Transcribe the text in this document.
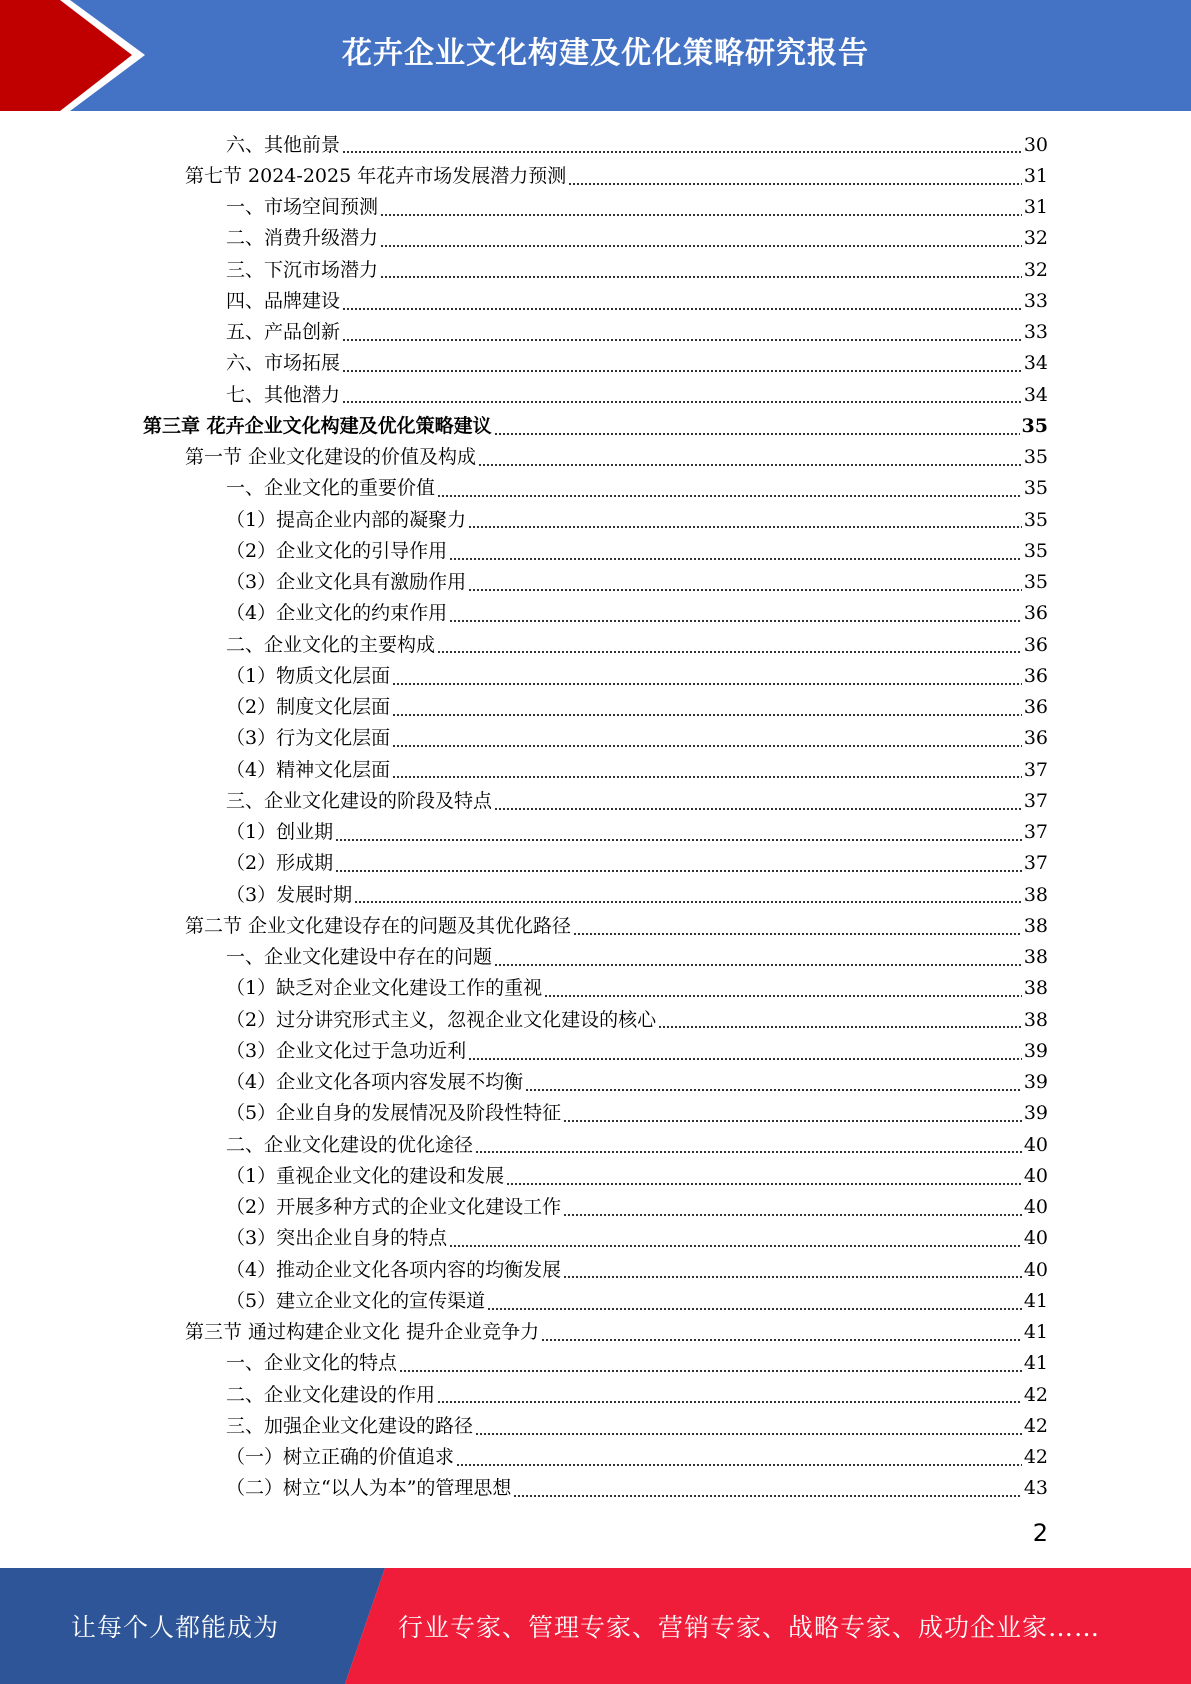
花卉企业文化构建及优化策略研究报告
六、其他前景	30
第七节 2024-2025 年花卉市场发展潜力预测	31
一、市场空间预测	31
二、消费升级潜力	32
三、下沉市场潜力	32
四、品牌建设	33
五、产品创新	33
六、市场拓展	34
七、其他潜力	34
第三章 花卉企业文化构建及优化策略建议	35
第一节 企业文化建设的价值及构成	35
一、企业文化的重要价值	35
（1）提高企业内部的凝聚力	35
（2）企业文化的引导作用	35
（3）企业文化具有激励作用	35
（4）企业文化的约束作用	36
二、企业文化的主要构成	36
（1）物质文化层面	36
（2）制度文化层面	36
（3）行为文化层面	36
（4）精神文化层面	37
三、企业文化建设的阶段及特点	37
（1）创业期	37
（2）形成期	37
（3）发展时期	38
第二节 企业文化建设存在的问题及其优化路径	38
一、企业文化建设中存在的问题	38
（1）缺乏对企业文化建设工作的重视	38
（2）过分讲究形式主义，忽视企业文化建设的核心	38
（3）企业文化过于急功近利	39
（4）企业文化各项内容发展不均衡	39
（5）企业自身的发展情况及阶段性特征	39
二、企业文化建设的优化途径	40
（1）重视企业文化的建设和发展	40
（2）开展多种方式的企业文化建设工作	40
（3）突出企业自身的特点	40
（4）推动企业文化各项内容的均衡发展	40
（5）建立企业文化的宣传渠道	41
第三节 通过构建企业文化 提升企业竞争力	41
一、企业文化的特点	41
二、企业文化建设的作用	42
三、加强企业文化建设的路径	42
（一）树立正确的价值追求	42
（二）树立“以人为本”的管理思想	43
2
让每个人都能成为	行业专家、管理专家、营销专家、战略专家、成功企业家……
